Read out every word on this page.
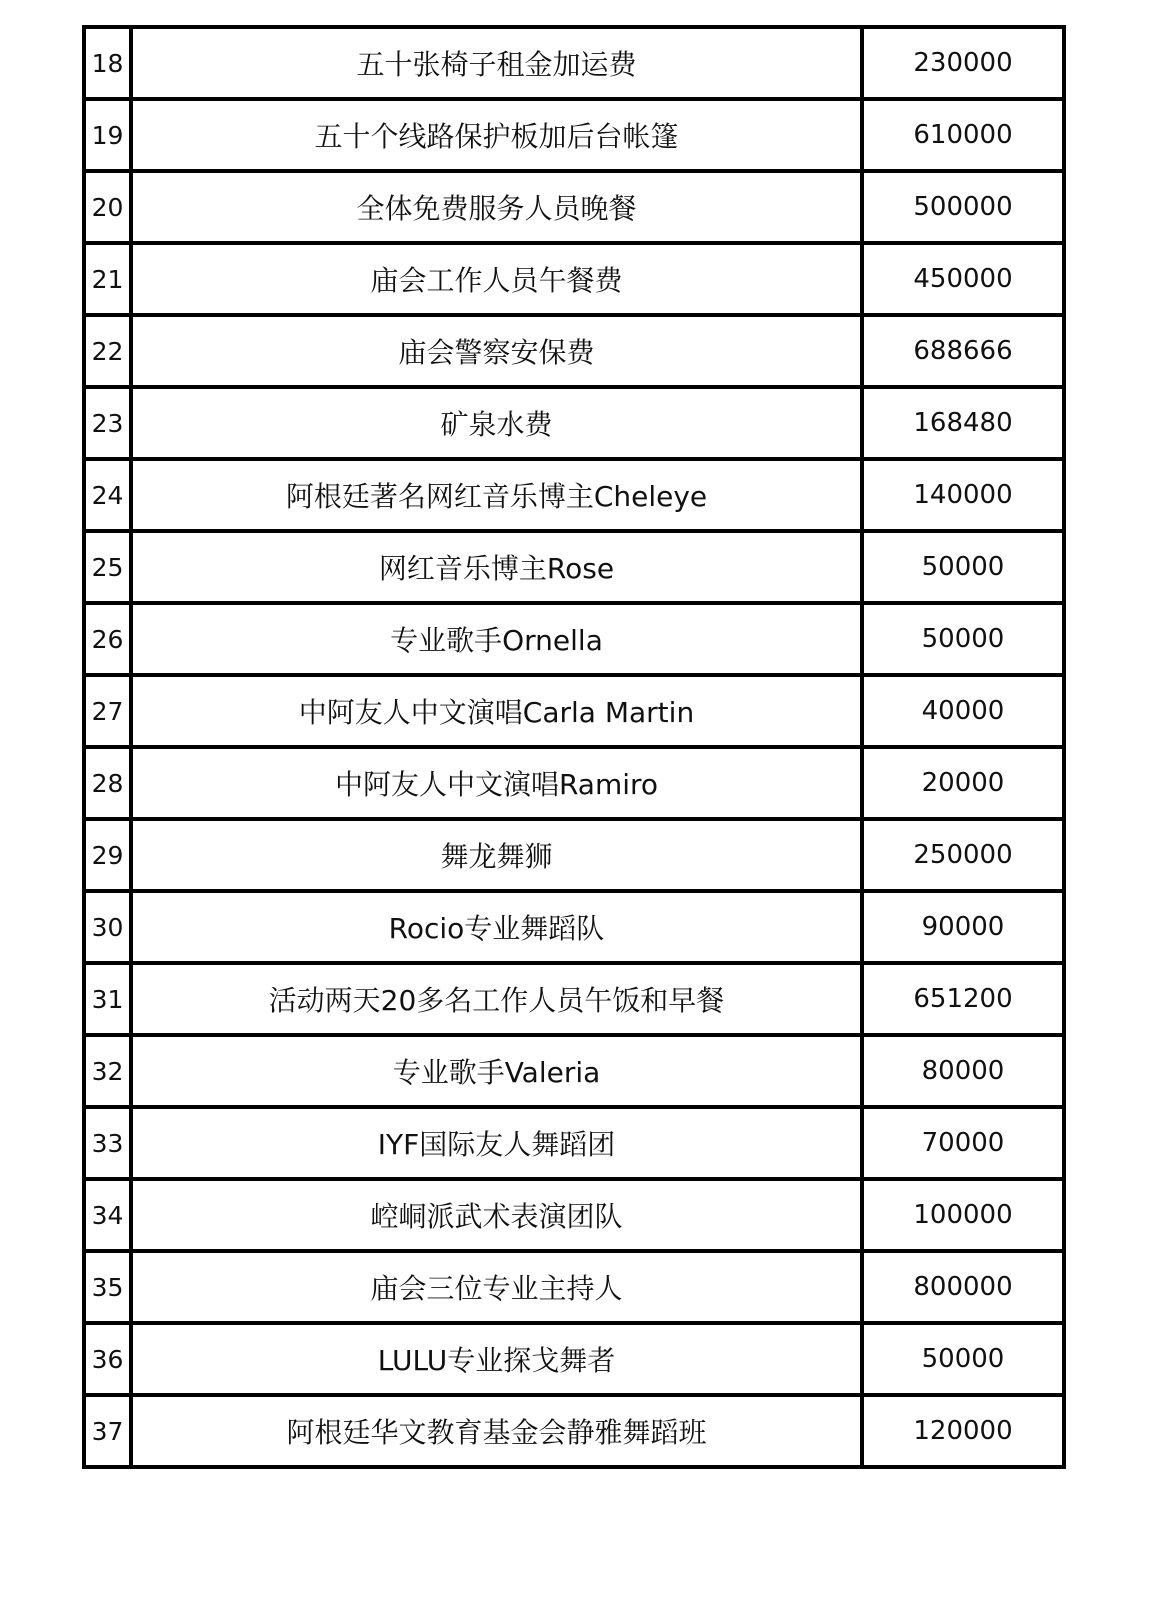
18	五十张椅子租金加运费	230000
19	五十个线路保护板加后台帐篷	610000
20	全体免费服务人员晚餐	500000
21	庙会工作人员午餐费	450000
22	庙会警察安保费	688666
23	矿泉水费	168480
24	阿根廷著名网红音乐博主Cheleye	140000
25	网红音乐博主Rose	50000
26	专业歌手Ornella	50000
27	中阿友人中文演唱Carla Martin	40000
28	中阿友人中文演唱Ramiro	20000
29	舞龙舞狮	250000
30	Rocio专业舞蹈队	90000
31	活动两天20多名工作人员午饭和早餐	651200
32	专业歌手Valeria	80000
33	IYF国际友人舞蹈团	70000
34	崆峒派武术表演团队	100000
35	庙会三位专业主持人	800000
36	LULU专业探戈舞者	50000
37	阿根廷华文教育基金会静雅舞蹈班	120000
